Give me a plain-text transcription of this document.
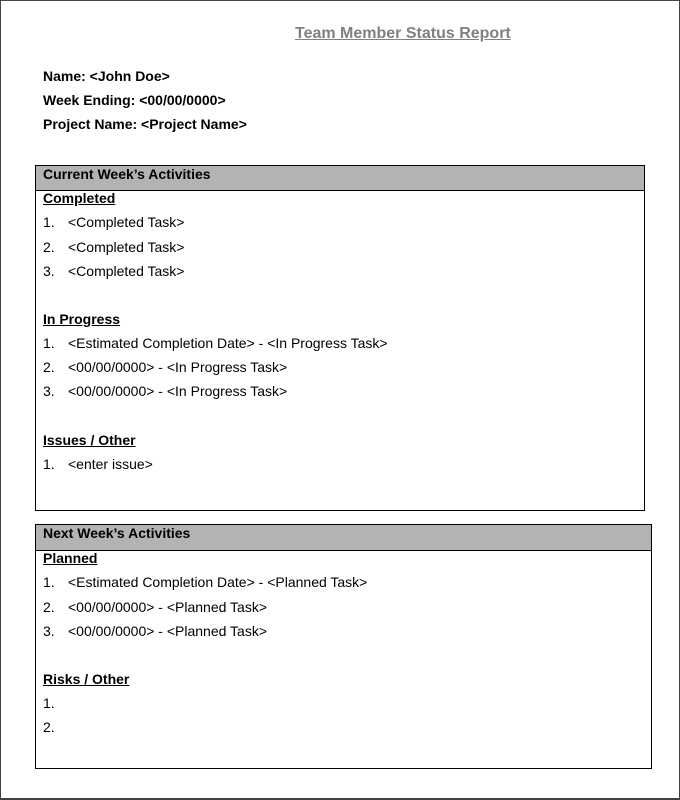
Team Member Status Report
Name: <John Doe>
Week Ending: <00/00/0000>
Project Name: <Project Name>
Current Week’s Activities
Completed
1. <Completed Task>
2. <Completed Task>
3. <Completed Task>
In Progress
1. <Estimated Completion Date> - <In Progress Task>
2. <00/00/0000> - <In Progress Task>
3. <00/00/0000> - <In Progress Task>
Issues / Other
1. <enter issue>
Next Week’s Activities
Planned
1. <Estimated Completion Date> - <Planned Task>
2. <00/00/0000> - <Planned Task>
3. <00/00/0000> - <Planned Task>
Risks / Other
1.
2.
